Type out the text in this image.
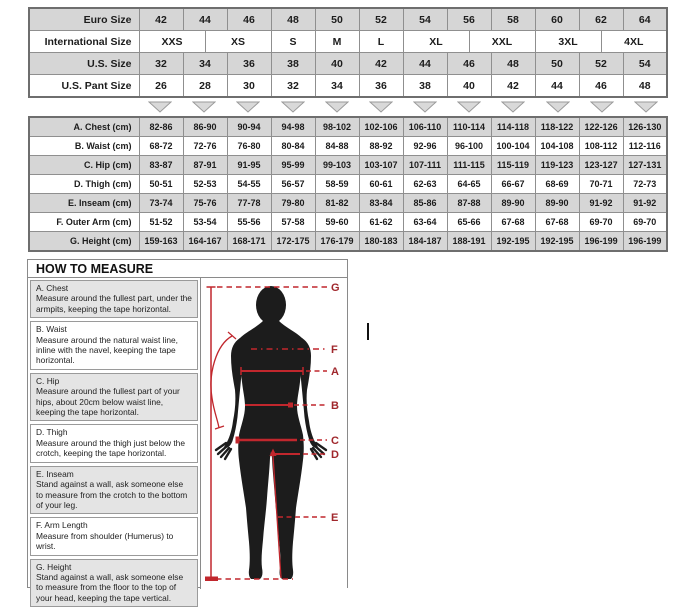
Euro Size	42	44		46	48	50	52	54	56		58	60	62		64
International Size	XXS		XS		S	M	L	XL		XXL		3XL		4XL	
U.S. Size	32	34		36	38	40	42	44	46		48	50	52		54
U.S. Pant Size	26	28		30	32	34	36	38	40		42	44	46		48
A. Chest (cm)	82-86	86-90	90-94	94-98	98-102	102-106	106-110	110-114	114-118	118-122	122-126	126-130
B. Waist (cm)	68-72	72-76	76-80	80-84	84-88	88-92	92-96	96-100	100-104	104-108	108-112	112-116
C. Hip (cm)	83-87	87-91	91-95	95-99	99-103	103-107	107-111	111-115	115-119	119-123	123-127	127-131
D. Thigh (cm)	50-51	52-53	54-55	56-57	58-59	60-61	62-63	64-65	66-67	68-69	70-71	72-73
E. Inseam (cm)	73-74	75-76	77-78	79-80	81-82	83-84	85-86	87-88	89-90	89-90	91-92	91-92
F. Outer Arm (cm)	51-52	53-54	55-56	57-58	59-60	61-62	63-64	65-66	67-68	67-68	69-70	69-70
G. Height (cm)	159-163	164-167	168-171	172-175	176-179	180-183	184-187	188-191	192-195	192-195	196-199	196-199
HOW TO MEASURE
A. Chest
Measure around the fullest part, under the armpits, keeping the tape horizontal.
B. Waist
Measure around the natural waist line, inline with the navel, keeping the tape horizontal.
C. Hip
Measure around the fullest part of your hips, about 20cm below waist line, keeping the tape horizontal.
D. Thigh
Measure around the thigh just below the crotch, keeping the tape horizontal.
E. Inseam
Stand against a wall, ask someone else to measure from the crotch to the bottom of your leg.
F. Arm Length
Measure from shoulder (Humerus) to wrist.
G. Height
Stand against a wall, ask someone else to measure from the floor to the top of your head, keeping the tape vertical.
G
F
A
B
C
D
E
